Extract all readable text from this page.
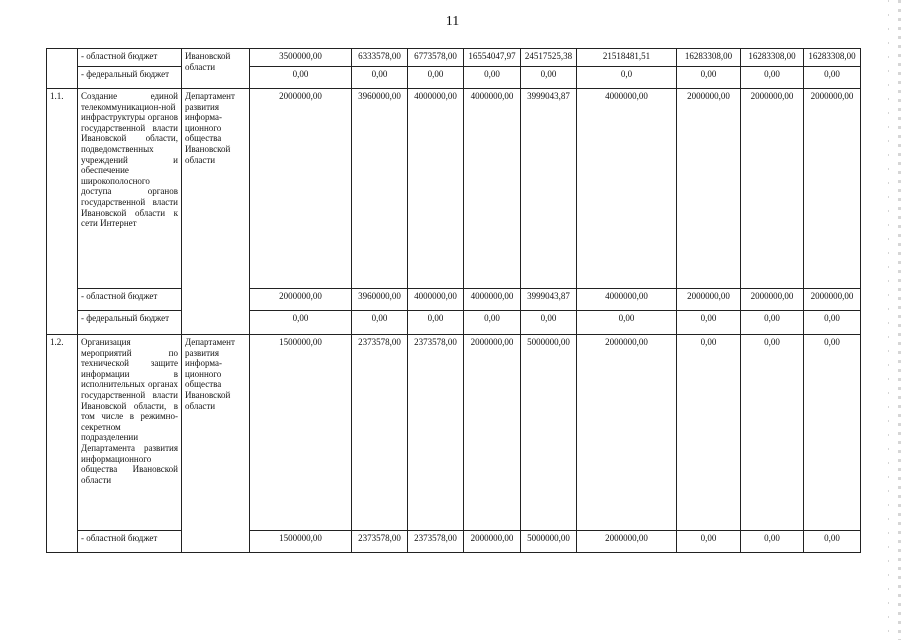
11
	- областной бюджет	Ивановской области	3500000,00	6333578,00	6773578,00	16554047,97	24517525,38	21518481,51	16283308,00	16283308,00	16283308,00
	- федеральный бюджет		0,00	0,00	0,00	0,00	0,00	0,0	0,00	0,00	0,00
1.1.	Создание единой телекоммуникацион-ной инфраструктуры органов государственной власти Ивановской области, подведомственных учреждений и обеспечение широкополосного доступа органов государственной власти Ивановской области к сети Интернет	Департамент развития информа-ционного общества Ивановской области	2000000,00	3960000,00	4000000,00	4000000,00	3999043,87	4000000,00	2000000,00	2000000,00	2000000,00
	- областной бюджет		2000000,00	3960000,00	4000000,00	4000000,00	3999043,87	4000000,00	2000000,00	2000000,00	2000000,00
	- федеральный бюджет		0,00	0,00	0,00	0,00	0,00	0,00	0,00	0,00	0,00
1.2.	Организация мероприятий по технической защите информации в исполнительных органах государственной власти Ивановской области, в том числе в режимно-секретном подразделении Департамента развития информационного общества Ивановской области	Департамент развития информа-ционного общества Ивановской области	1500000,00	2373578,00	2373578,00	2000000,00	5000000,00	2000000,00	0,00	0,00	0,00
	- областной бюджет		1500000,00	2373578,00	2373578,00	2000000,00	5000000,00	2000000,00	0,00	0,00	0,00
